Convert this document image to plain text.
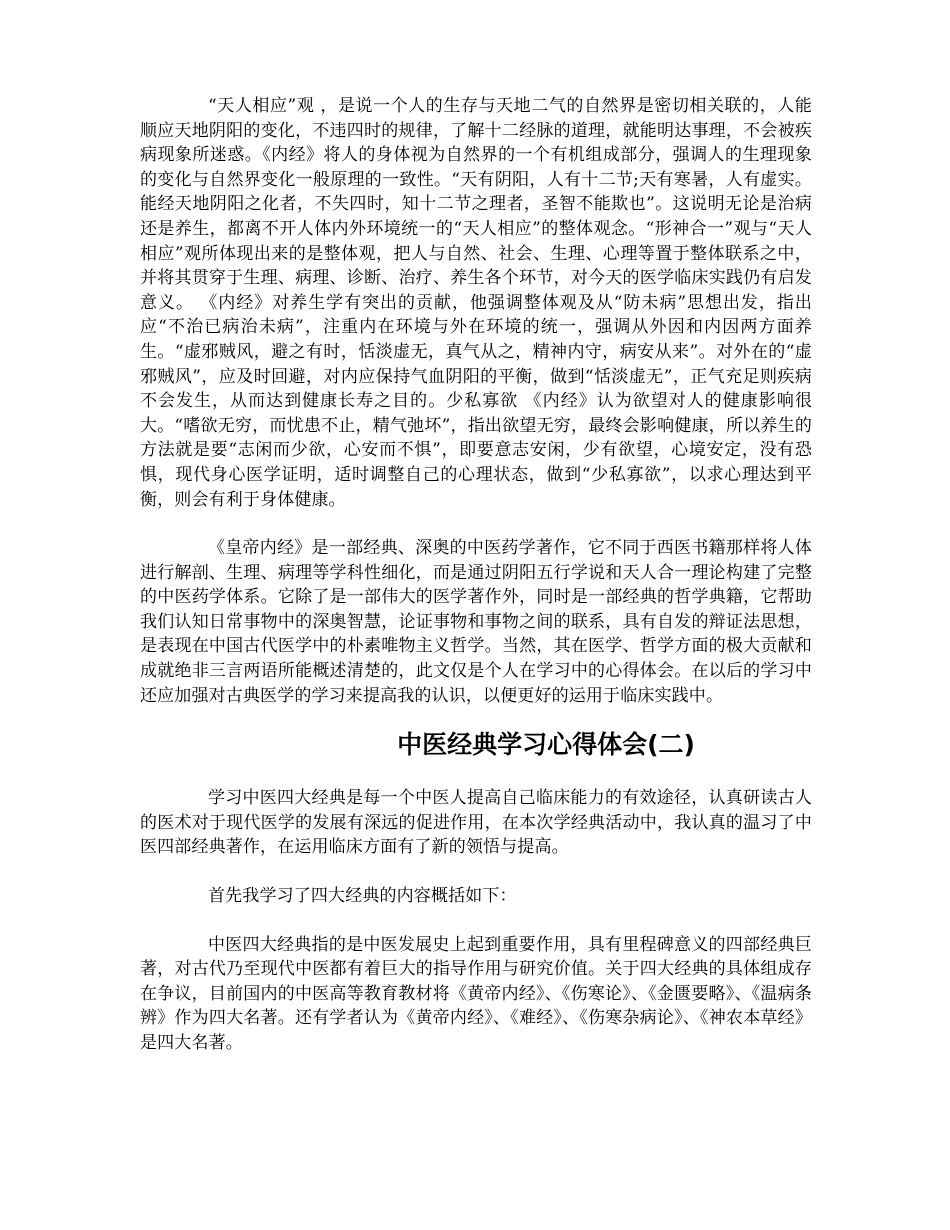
“天人相应”观 ，是说一个人的生存与天地二气的自然界是密切相关联的，人能顺应天地阴阳的变化，不违四时的规律，了解十二经脉的道理，就能明达事理，不会被疾病现象所迷惑。《内经》将人的身体视为自然界的一个有机组成部分，强调人的生理现象的变化与自然界变化一般原理的一致性。“天有阴阳，人有十二节;天有寒暑，人有虚实。能经天地阴阳之化者，不失四时，知十二节之理者，圣智不能欺也”。这说明无论是治病还是养生，都离不开人体内外环境统一的“天人相应”的整体观念。“形神合一”观与“天人相应”观所体现出来的是整体观，把人与自然、社会、生理、心理等置于整体联系之中，并将其贯穿于生理、病理、诊断、治疗、养生各个环节，对今天的医学临床实践仍有启发意义。 《内经》对养生学有突出的贡献，他强调整体观及从“防未病”思想出发，指出应“不治已病治未病”，注重内在环境与外在环境的统一，强调从外因和内因两方面养生。“虚邪贼风，避之有时，恬淡虚无，真气从之，精神内守，病安从来”。对外在的“虚邪贼风”，应及时回避，对内应保持气血阴阳的平衡，做到“恬淡虚无”，正气充足则疾病不会发生，从而达到健康长寿之目的。少私寡欲 《内经》认为欲望对人的健康影响很大。“嗜欲无穷，而忧患不止，精气弛坏”，指出欲望无穷，最终会影响健康，所以养生的方法就是要“志闲而少欲，心安而不惧”，即要意志安闲，少有欲望，心境安定，没有恐惧，现代身心医学证明，适时调整自己的心理状态，做到“少私寡欲”，以求心理达到平衡，则会有利于身体健康。

《皇帝内经》是一部经典、深奥的中医药学著作，它不同于西医书籍那样将人体进行解剖、生理、病理等学科性细化，而是通过阴阳五行学说和天人合一理论构建了完整的中医药学体系。它除了是一部伟大的医学著作外，同时是一部经典的哲学典籍，它帮助我们认知日常事物中的深奥智慧，论证事物和事物之间的联系，具有自发的辩证法思想，是表现在中国古代医学中的朴素唯物主义哲学。当然，其在医学、哲学方面的极大贡献和成就绝非三言两语所能概述清楚的，此文仅是个人在学习中的心得体会。在以后的学习中还应加强对古典医学的学习来提高我的认识，以便更好的运用于临床实践中。

中医经典学习心得体会(二)

学习中医四大经典是每一个中医人提高自己临床能力的有效途径，认真研读古人的医术对于现代医学的发展有深远的促进作用，在本次学经典活动中，我认真的温习了中医四部经典著作，在运用临床方面有了新的领悟与提高。

首先我学习了四大经典的内容概括如下：

中医四大经典指的是中医发展史上起到重要作用，具有里程碑意义的四部经典巨著，对古代乃至现代中医都有着巨大的指导作用与研究价值。关于四大经典的具体组成存在争议，目前国内的中医高等教育教材将《黄帝内经》、《伤寒论》、《金匮要略》、《温病条辨》作为四大名著。还有学者认为《黄帝内经》、《难经》、《伤寒杂病论》、《神农本草经》是四大名著。
